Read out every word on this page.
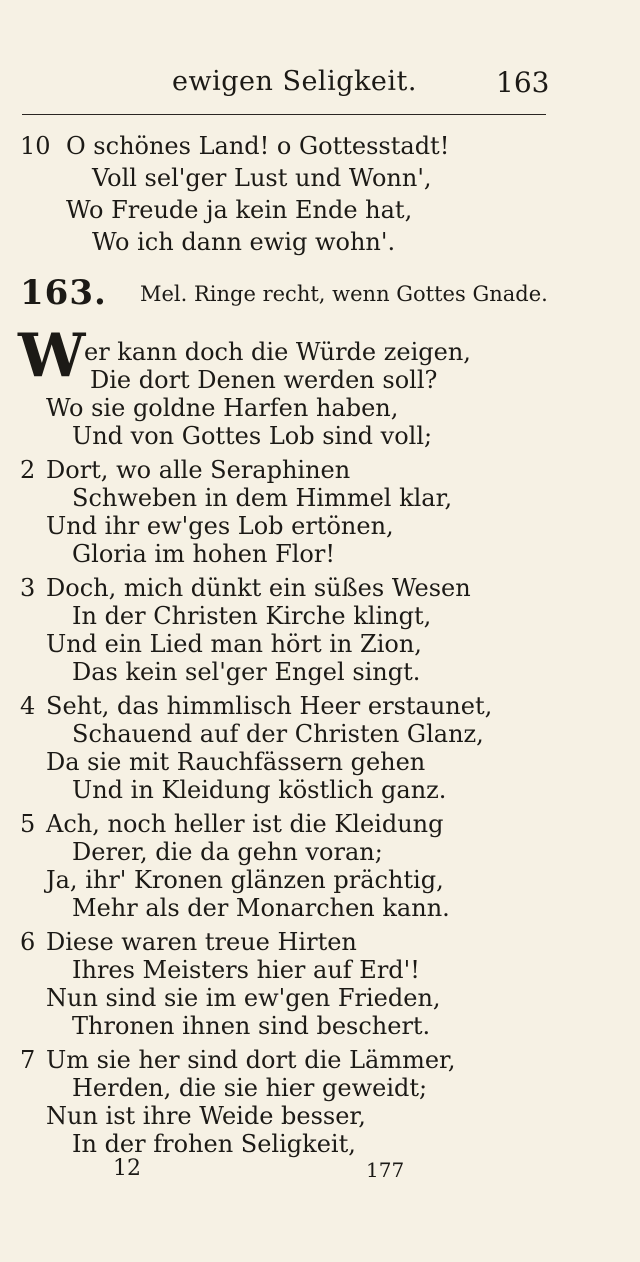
ewigen Seligkeit.	163
10 O schönes Land! o Gottesstadt!
Voll sel'ger Lust und Wonn',
Wo Freude ja kein Ende hat,
Wo ich dann ewig wohn'.
163. Mel. Ringe recht, wenn Gottes Gnade.
W
er kann doch die Würde zeigen,
Die dort Denen werden soll?
Wo sie goldne Harfen haben,
Und von Gottes Lob sind voll;
2 Dort, wo alle Seraphinen
Schweben in dem Himmel klar,
Und ihr ew'ges Lob ertönen,
Gloria im hohen Flor!
3 Doch, mich dünkt ein süßes Wesen
In der Christen Kirche klingt,
Und ein Lied man hört in Zion,
Das kein sel'ger Engel singt.
4 Seht, das himmlisch Heer erstaunet,
Schauend auf der Christen Glanz,
Da sie mit Rauchfässern gehen
Und in Kleidung köstlich ganz.
5 Ach, noch heller ist die Kleidung
Derer, die da gehn voran;
Ja, ihr' Kronen glänzen prächtig,
Mehr als der Monarchen kann.
6 Diese waren treue Hirten
Ihres Meisters hier auf Erd'!
Nun sind sie im ew'gen Frieden,
Thronen ihnen sind beschert.
7 Um sie her sind dort die Lämmer,
Herden, die sie hier geweidt;
Nun ist ihre Weide besser,
In der frohen Seligkeit,
12	177
